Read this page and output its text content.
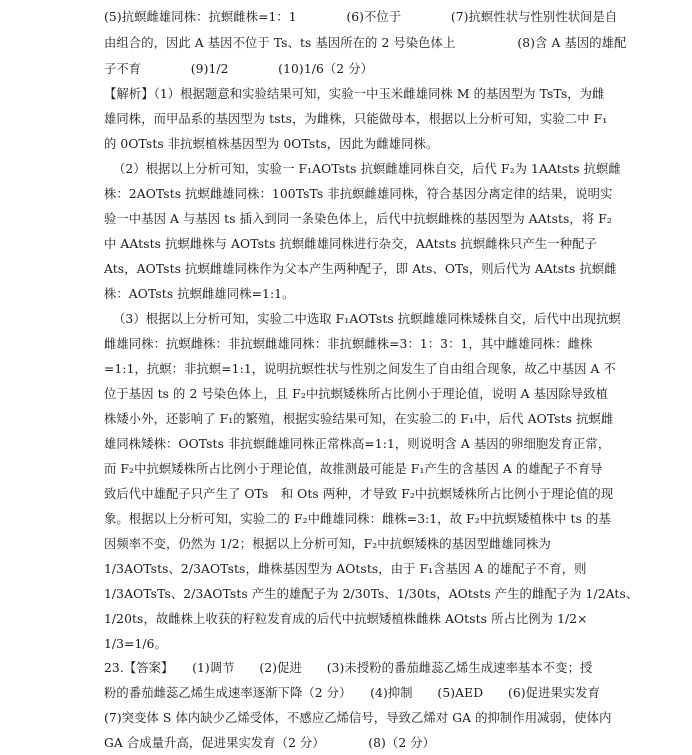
(5)抗螟雌雄同株：抗螟雌株=1：1　　　　(6)不位于　　　　(7)抗螟性状与性别性状间是自
由组合的，因此 A 基因不位于 Ts、ts 基因所在的 2 号染色体上　　　　　(8)含 A 基因的雄配
子不育　　　　(9)1/2　　　　(10)1/6（2 分）
【解析】（1）根据题意和实验结果可知，实验一中玉米雌雄同株 M 的基因型为 TsTs，为雌
雄同株，而甲品系的基因型为 tsts，为雌株，只能做母本，根据以上分析可知，实验二中 F₁
的 0OTsts 非抗螟植株基因型为 0OTsts，因此为雌雄同株。
（2）根据以上分析可知，实验一 F₁AOTsts 抗螟雌雄同株自交，后代 F₂为 1AAtsts 抗螟雌
株：2AOTsts 抗螟雌雄同株：100TsTs 非抗螟雌雄同株，符合基因分离定律的结果，说明实
验一中基因 A 与基因 ts 插入到同一条染色体上，后代中抗螟雌株的基因型为 AAtsts，将 F₂
中 AAtsts 抗螟雌株与 AOTsts 抗螟雌雄同株进行杂交，AAtsts 抗螟雌株只产生一种配子
Ats，AOTsts 抗螟雌雄同株作为父本产生两种配子，即 Ats、OTs，则后代为 AAtsts 抗螟雌
株：AOTsts 抗螟雌雄同株=1:1。
（3）根据以上分析可知，实验二中选取 F₁AOTsts 抗螟雌雄同株矮株自交，后代中出现抗螟
雌雄同株：抗螟雌株：非抗螟雌雄同株：非抗螟雌株=3：1：3：1，其中雌雄同株：雌株
=1:1，抗螟：非抗螟=1:1，说明抗螟性状与性别之间发生了自由组合现象，故乙中基因 A 不
位于基因 ts 的 2 号染色体上，且 F₂中抗螟矮株所占比例小于理论值，说明 A 基因除导致植
株矮小外，还影响了 F₁的繁殖，根据实验结果可知，在实验二的 F₁中，后代 AOTsts 抗螟雌
雄同株矮株：OOTsts 非抗螟雌雄同株正常株高=1:1，则说明含 A 基因的卵细胞发育正常，
而 F₂中抗螟矮株所占比例小于理论值，故推测最可能是 F₁产生的含基因 A 的雄配子不育导
致后代中雄配子只产生了 OTs　和 Ots 两种，才导致 F₂中抗螟矮株所占比例小于理论值的现
象。根据以上分析可知，实验二的 F₂中雌雄同株：雌株=3:1，故 F₂中抗螟矮植株中 ts 的基
因频率不变，仍然为 1/2；根据以上分析可知，F₂中抗螟矮株的基因型雌雄同株为
1/3AOTsts、2/3AOTsts，雌株基因型为 AOtsts，由于 F₁含基因 A 的雄配子不育，则
1/3AOTsTs、2/3AOTsts 产生的雄配子为 2/30Ts、1/30ts，AOtsts 产生的雌配子为 1/2Ats、
1/20ts，故雌株上收获的籽粒发育成的后代中抗螟矮植株雌株 AOtsts 所占比例为 1/2×
1/3=1/6。
23.【答案】　　(1)调节　　(2)促进　　(3)未授粉的番茄雌蕊乙烯生成速率基本不变；授
粉的番茄雌蕊乙烯生成速率逐渐下降（2 分）　　(4)抑制　　(5)AED　　(6)促进果实发育
(7)突变体 S 体内缺少乙烯受体，不感应乙烯信号，导致乙烯对 GA 的抑制作用减弱，使体内
GA 合成量升高，促进果实发育（2 分）　　　　(8)（2 分）
